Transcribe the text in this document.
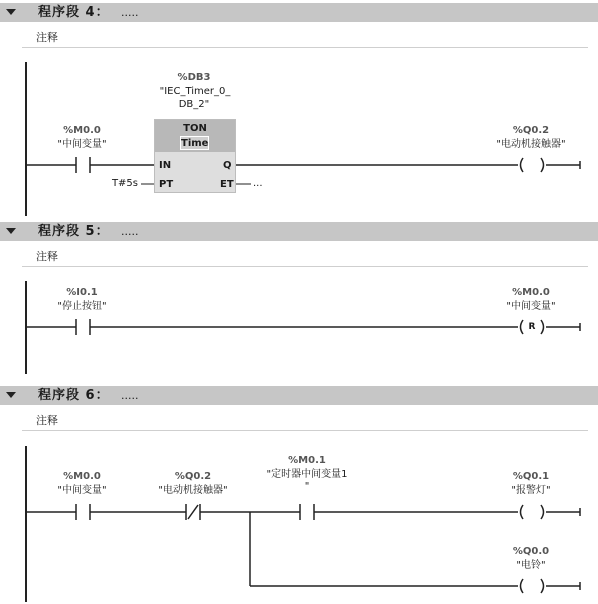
程序段 4： .....
注释
%DB3
"IEC_Timer_0_
DB_2"
TON
Time
IN
PT
Q
ET
T#5s	...
%M0.0
"中间变量"
%Q0.2
"电动机接触器"
程序段 5： .....
注释
R
%I0.1
"停止按钮"
%M0.0
"中间变量"
程序段 6： .....
注释
%M0.0
"中间变量"
%Q0.2
"电动机接触器"
%M0.1
"定时器中间变量1
"
%Q0.1
"报警灯"
%Q0.0
"电铃"
